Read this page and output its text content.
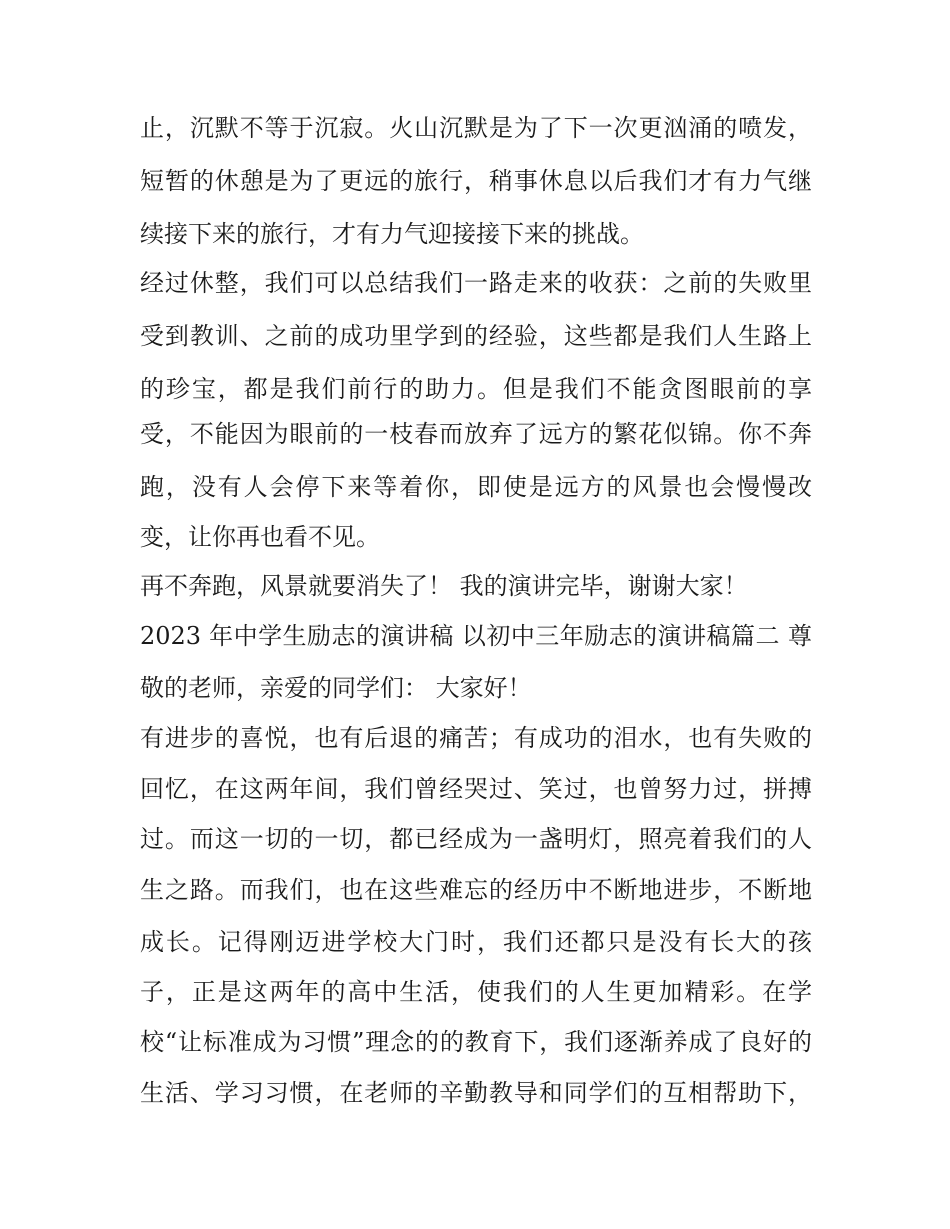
止，沉默不等于沉寂。火山沉默是为了下一次更汹涌的喷发，
短暂的休憩是为了更远的旅行，稍事休息以后我们才有力气继
续接下来的旅行，才有力气迎接接下来的挑战。
经过休整，我们可以总结我们一路走来的收获：之前的失败里
受到教训、之前的成功里学到的经验，这些都是我们人生路上
的珍宝，都是我们前行的助力。但是我们不能贪图眼前的享
受，不能因为眼前的一枝春而放弃了远方的繁花似锦。你不奔
跑，没有人会停下来等着你，即使是远方的风景也会慢慢改
变，让你再也看不见。
再不奔跑，风景就要消失了！ 我的演讲完毕，谢谢大家！
2023 年中学生励志的演讲稿 以初中三年励志的演讲稿篇二 尊
敬的老师，亲爱的同学们： 大家好！
有进步的喜悦，也有后退的痛苦；有成功的泪水，也有失败的
回忆，在这两年间，我们曾经哭过、笑过，也曾努力过，拼搏
过。而这一切的一切，都已经成为一盏明灯，照亮着我们的人
生之路。而我们，也在这些难忘的经历中不断地进步，不断地
成长。记得刚迈进学校大门时，我们还都只是没有长大的孩
子，正是这两年的高中生活，使我们的人生更加精彩。在学
校“让标准成为习惯”理念的的教育下，我们逐渐养成了良好的
生活、学习习惯，在老师的辛勤教导和同学们的互相帮助下，
